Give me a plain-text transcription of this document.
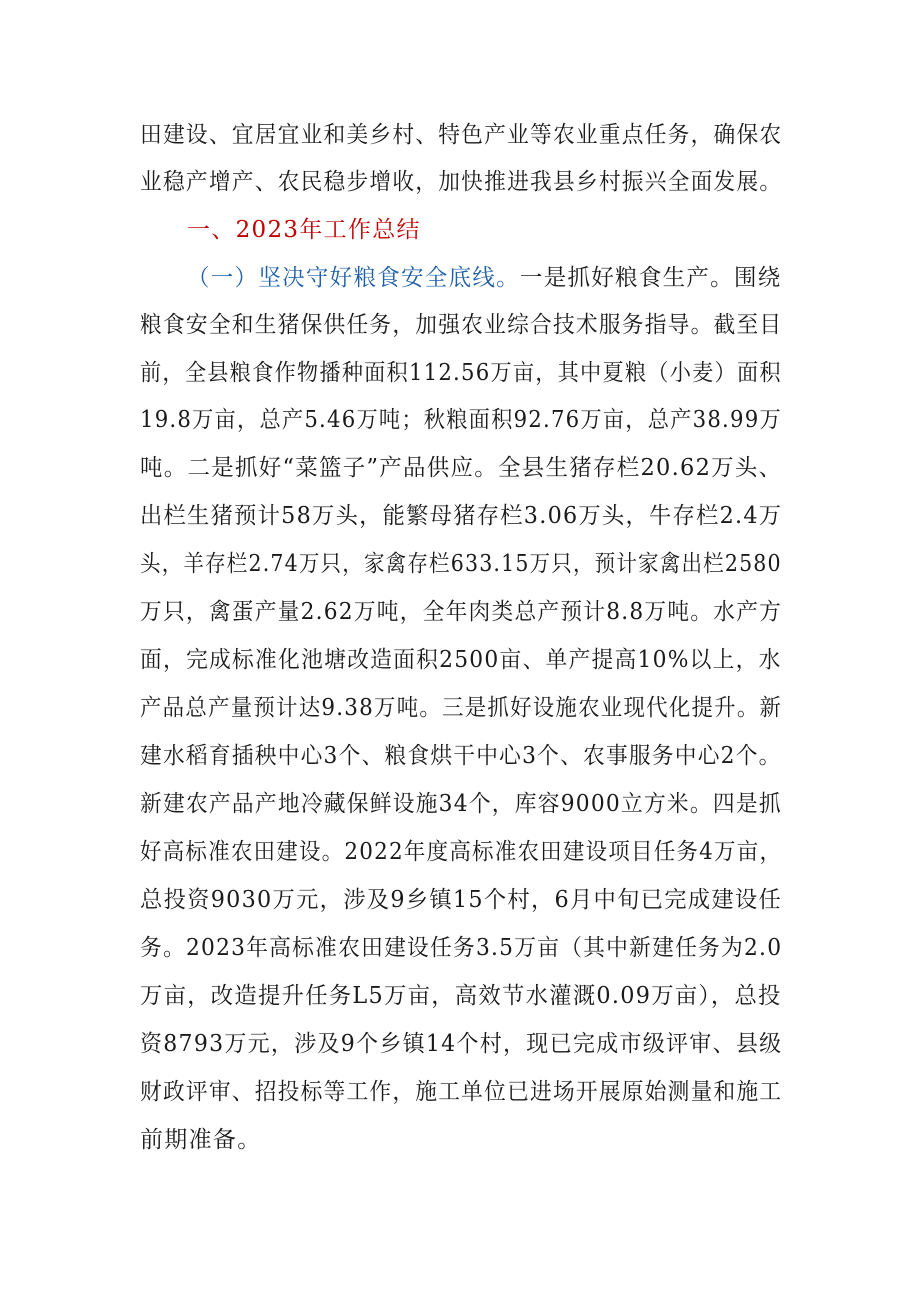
田建设、宜居宜业和美乡村、特色产业等农业重点任务，确保农
业稳产增产、农民稳步增收，加快推进我县乡村振兴全面发展。
一、2023年工作总结
（一）坚决守好粮食安全底线。一是抓好粮食生产。围绕
粮食安全和生猪保供任务，加强农业综合技术服务指导。截至目
前，全县粮食作物播种面积112.56万亩，其中夏粮（小麦）面积
19.8万亩，总产5.46万吨；秋粮面积92.76万亩，总产38.99万
吨。二是抓好“菜篮子”产品供应。全县生猪存栏20.62万头、
出栏生猪预计58万头，能繁母猪存栏3.06万头，牛存栏2.4万
头，羊存栏2.74万只，家禽存栏633.15万只，预计家禽出栏2580
万只，禽蛋产量2.62万吨，全年肉类总产预计8.8万吨。水产方
面，完成标准化池塘改造面积2500亩、单产提高10%以上，水
产品总产量预计达9.38万吨。三是抓好设施农业现代化提升。新
建水稻育插秧中心3个、粮食烘干中心3个、农事服务中心2个。
新建农产品产地冷藏保鲜设施34个，库容9000立方米。四是抓
好高标准农田建设。2022年度高标准农田建设项目任务4万亩，
总投资9030万元，涉及9乡镇15个村，6月中旬已完成建设任
务。2023年高标准农田建设任务3.5万亩（其中新建任务为2.0
万亩，改造提升任务L5万亩，高效节水灌溉0.09万亩），总投
资8793万元，涉及9个乡镇14个村，现已完成市级评审、县级
财政评审、招投标等工作，施工单位已进场开展原始测量和施工
前期准备。
